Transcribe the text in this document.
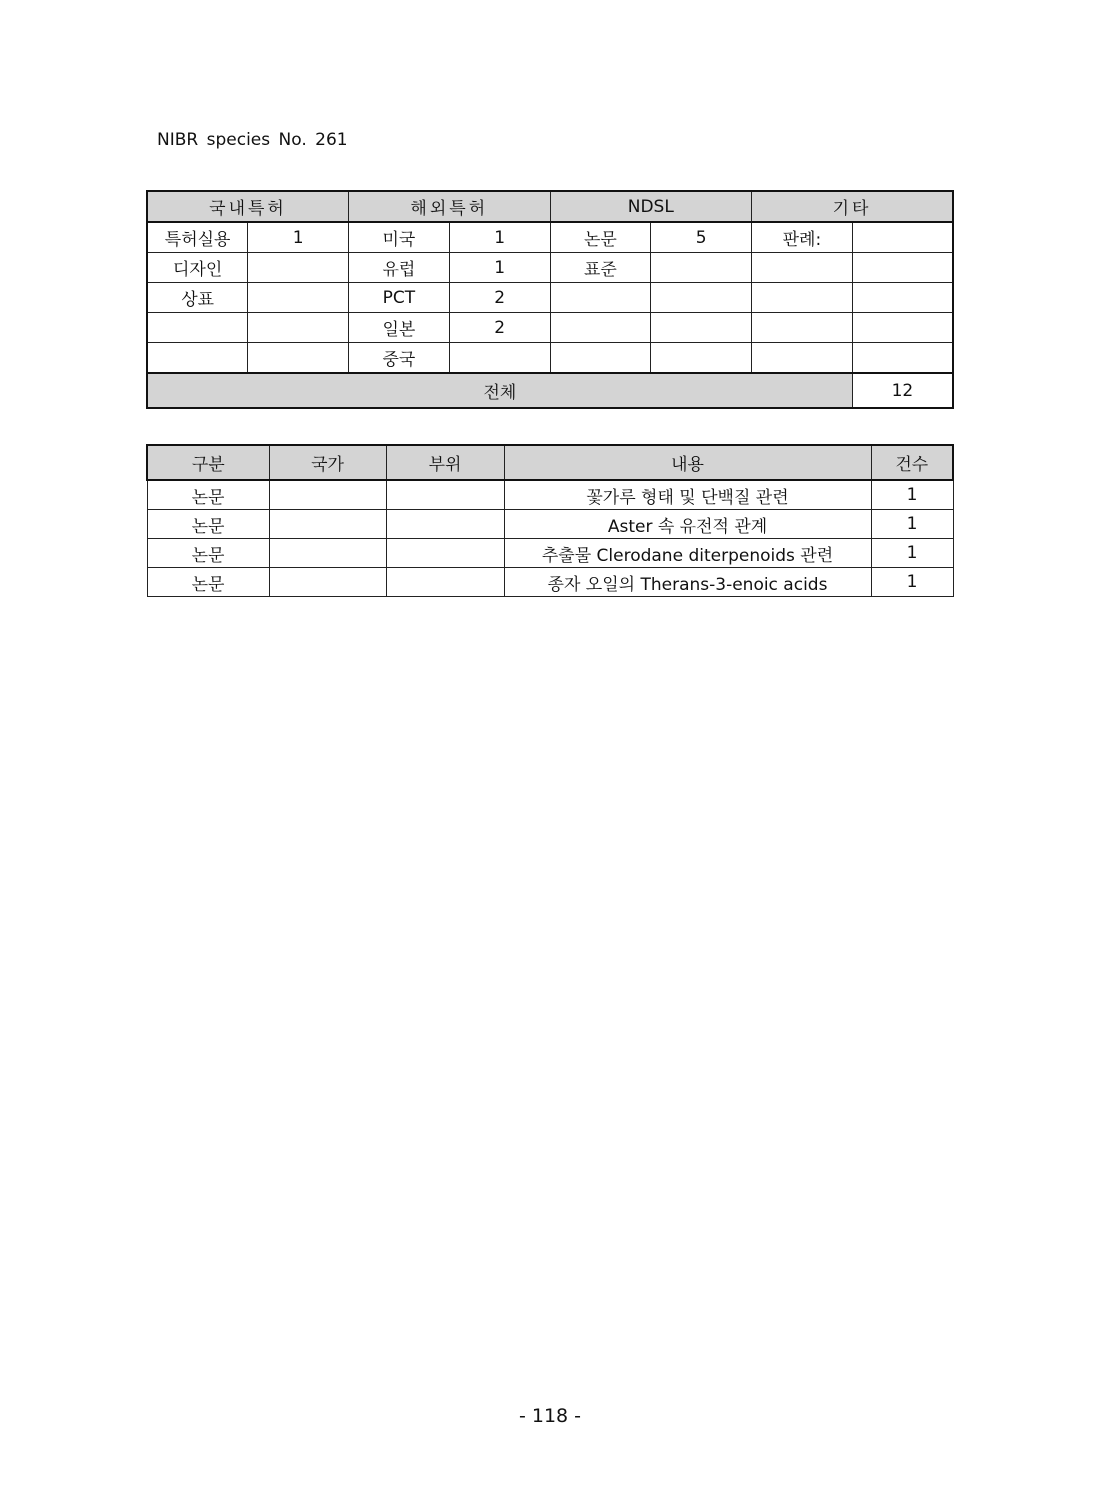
NIBR species No. 261
국내특허		해외특허		NDSL		기타	
특허실용	1	미국	1	논문	5	판례:	
디자인		유럽	1	표준			
상표		PCT	2				
		일본	2				
		중국					
전체							12
구분	국가	부위	내용	건수
논문			꽃가루 형태 및 단백질 관련	1
논문			Aster 속 유전적 관계	1
논문			추출물 Clerodane diterpenoids 관련	1
논문			종자 오일의 Therans-3-enoic acids	1
- 118 -
